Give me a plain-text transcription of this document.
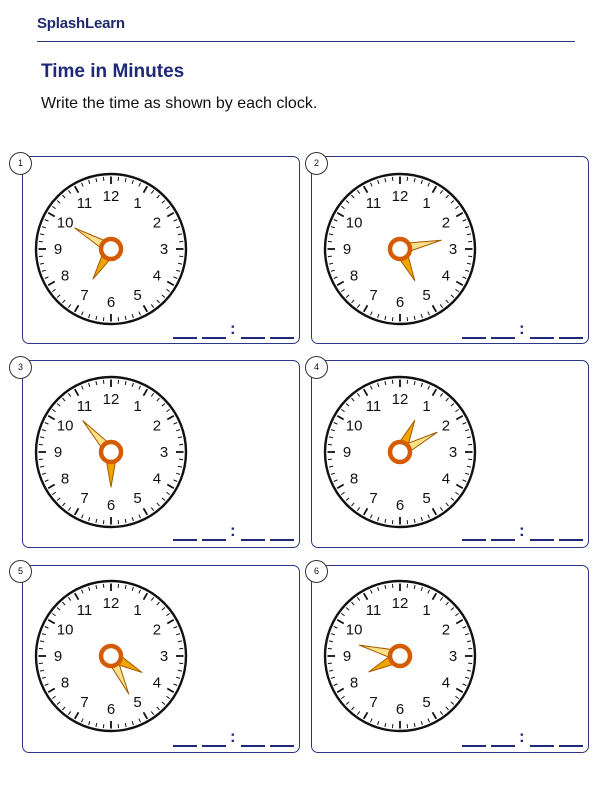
SplashLearn
Time in Minutes
Write the time as shown by each clock.
1
12 1
2
3
4
5
6
7
8
9
10
11
:
2
12 1
2
3
4
5
6
7
8
9
10
11
:
3
12 1
2
3
4
5
6
7
8
9
10
11
:
4
12 1
2
3
4
5
6
7
8
9
10
11
:
5
12 1
2
3
4
5
6
7
8
9
10
11
:
6
12 1
2
3
4
5
6
7
8
9
10
11
:
